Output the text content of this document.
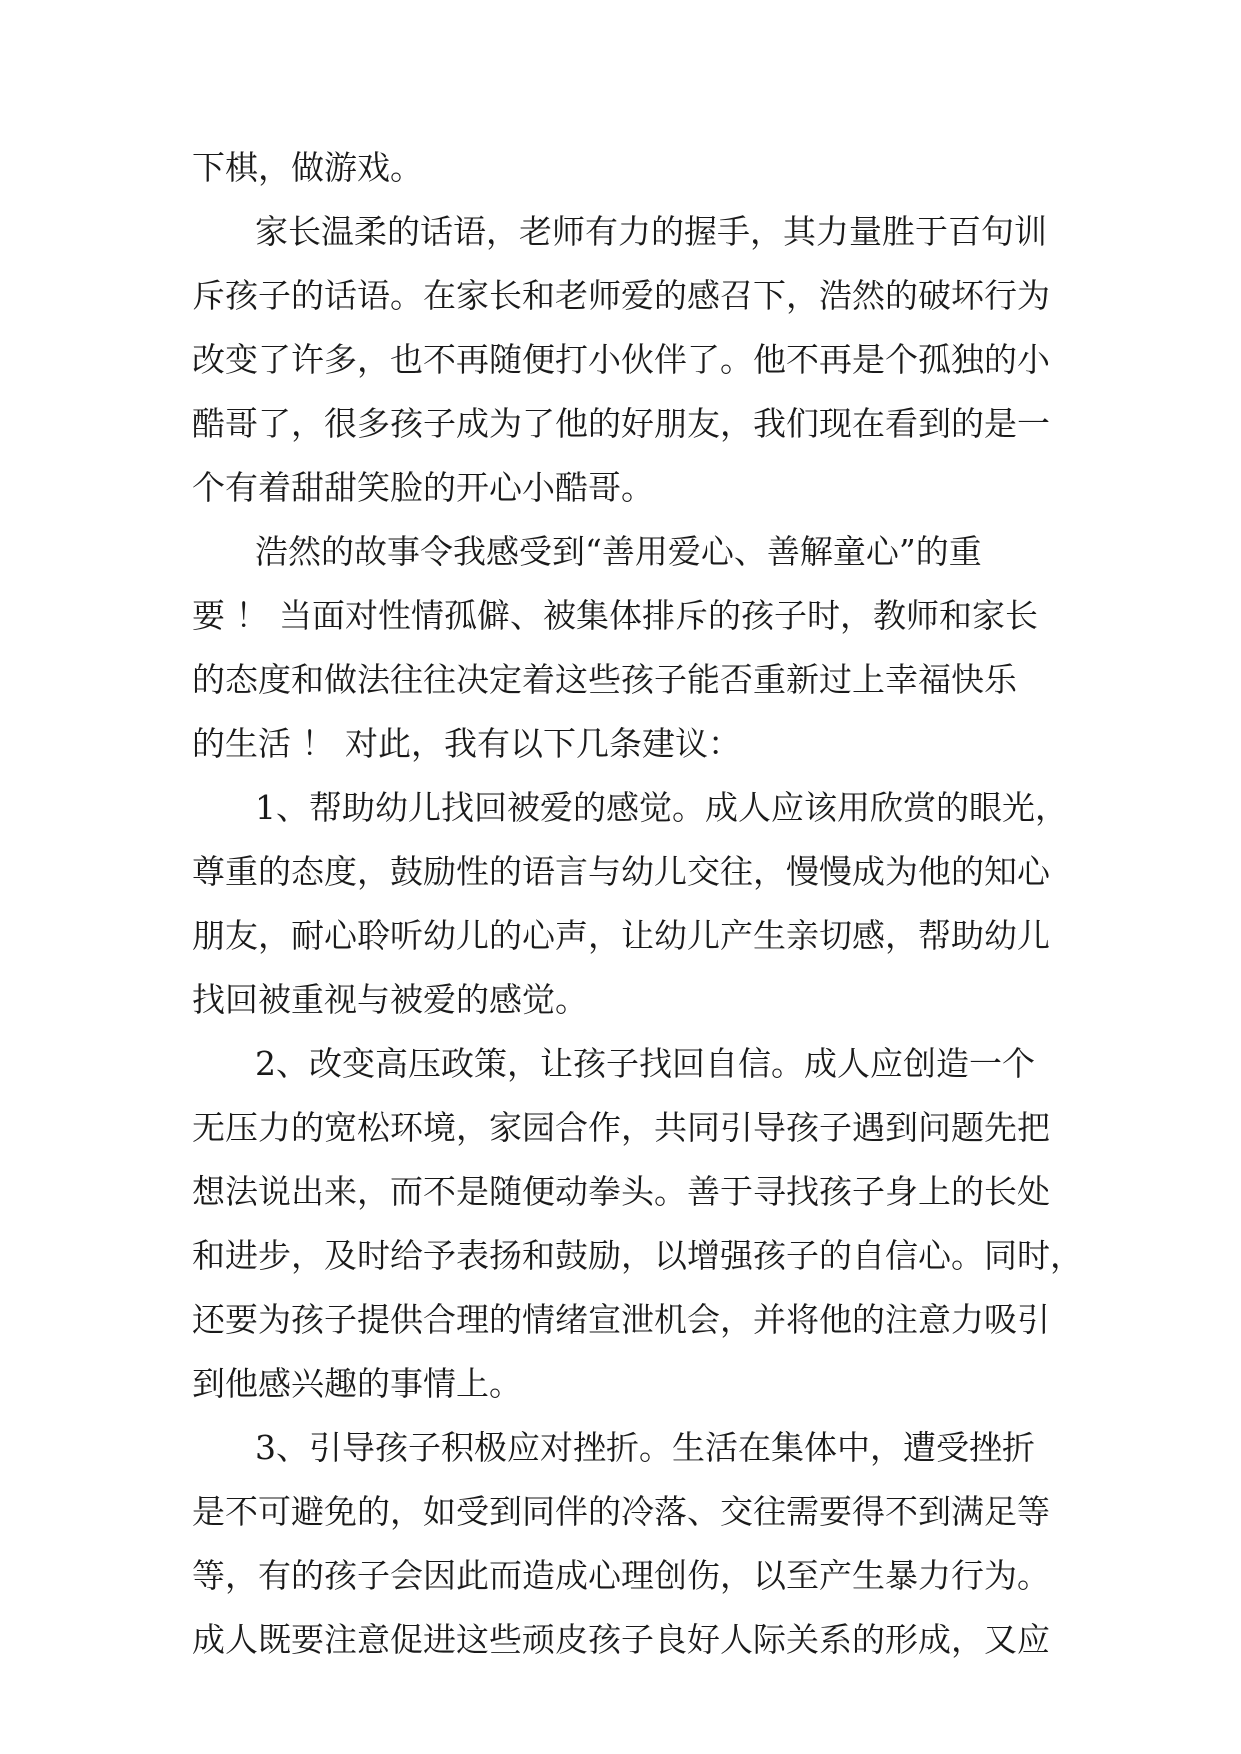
下棋，做游戏。
家长温柔的话语，老师有力的握手，其力量胜于百句训
斥孩子的话语。在家长和老师爱的感召下，浩然的破坏行为
改变了许多，也不再随便打小伙伴了。他不再是个孤独的小
酷哥了，很多孩子成为了他的好朋友，我们现在看到的是一
个有着甜甜笑脸的开心小酷哥。
浩然的故事令我感受到“善用爱心、善解童心”的重
要 ！ 当面对性情孤僻、被集体排斥的孩子时，教师和家长
的态度和做法往往决定着这些孩子能否重新过上幸福快乐
的生活 ！ 对此，我有以下几条建议：
1、帮助幼儿找回被爱的感觉。成人应该用欣赏的眼光，
尊重的态度，鼓励性的语言与幼儿交往，慢慢成为他的知心
朋友，耐心聆听幼儿的心声，让幼儿产生亲切感，帮助幼儿
找回被重视与被爱的感觉。
2、改变高压政策，让孩子找回自信。成人应创造一个
无压力的宽松环境，家园合作，共同引导孩子遇到问题先把
想法说出来，而不是随便动拳头。善于寻找孩子身上的长处
和进步，及时给予表扬和鼓励，以增强孩子的自信心。同时，
还要为孩子提供合理的情绪宣泄机会，并将他的注意力吸引
到他感兴趣的事情上。
3、引导孩子积极应对挫折。生活在集体中，遭受挫折
是不可避免的，如受到同伴的冷落、交往需要得不到满足等
等，有的孩子会因此而造成心理创伤，以至产生暴力行为。
成人既要注意促进这些顽皮孩子良好人际关系的形成，又应
